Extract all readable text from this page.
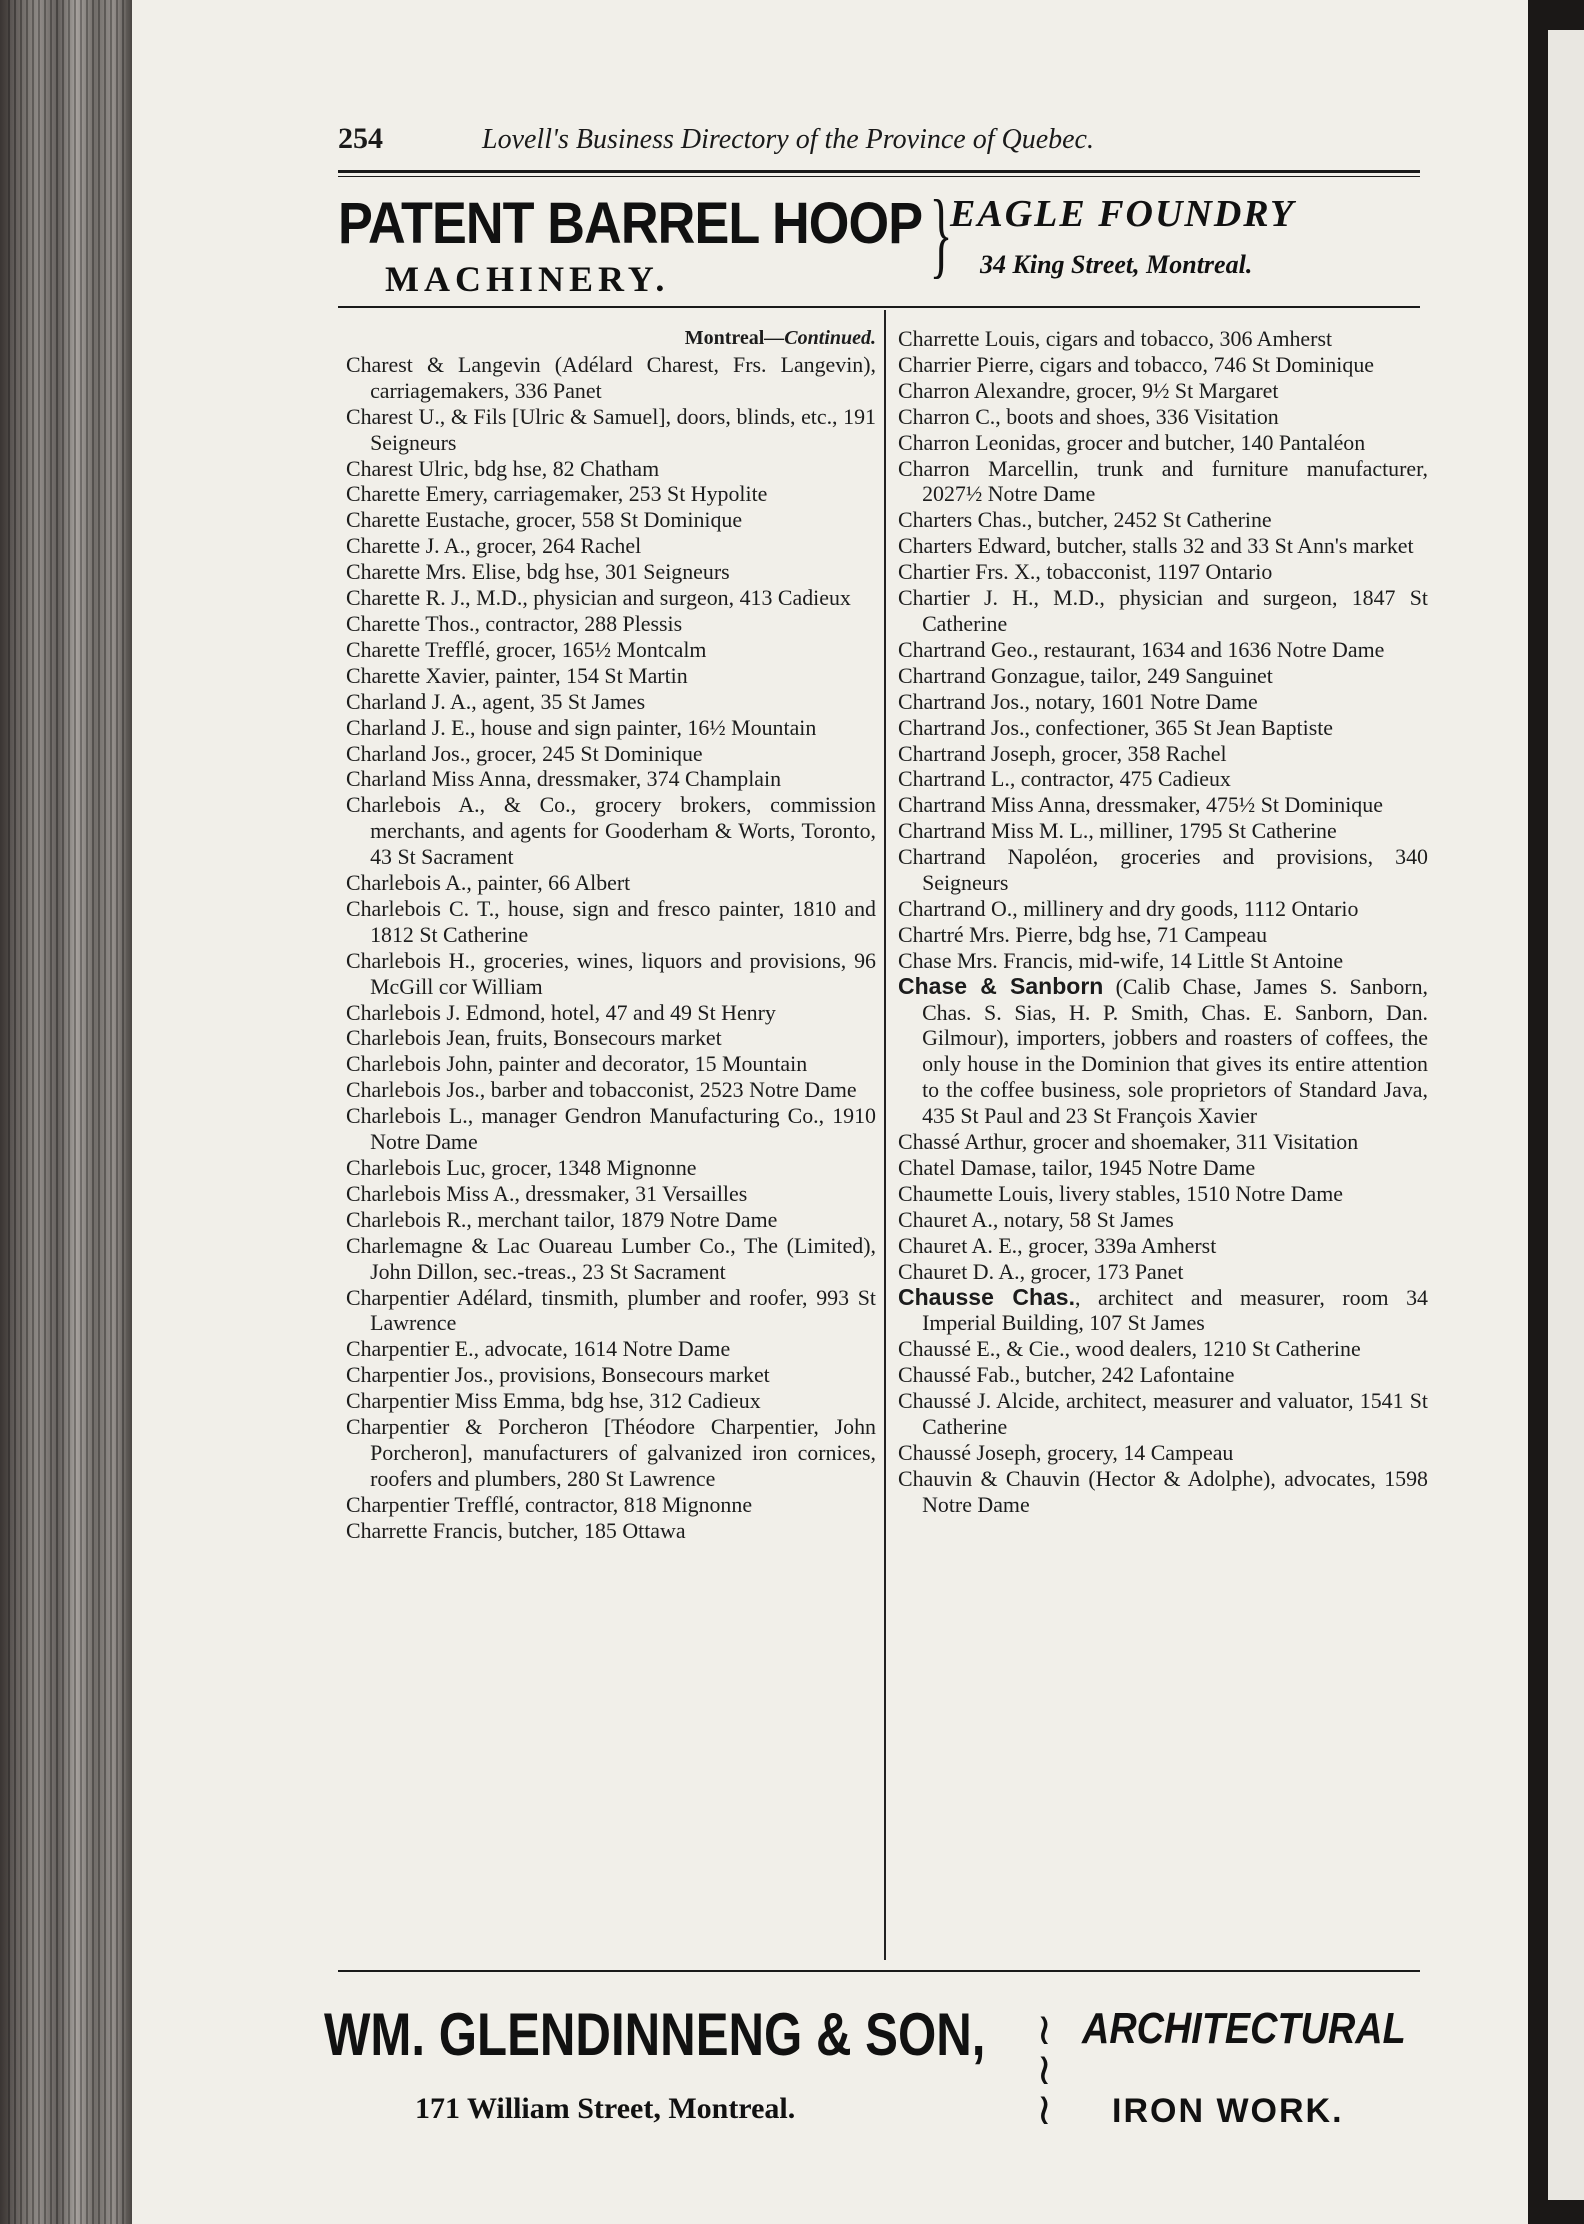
254	Lovell's Business Directory of the Province of Quebec.
PATENT BARREL HOOP
MACHINERY.	}
EAGLE FOUNDRY
34 King Street, Montreal.
Montreal—Continued.
Charest & Langevin (Adélard Charest, Frs. Langevin), carriagemakers, 336 Panet
Charest U., & Fils [Ulric & Samuel], doors, blinds, etc., 191 Seigneurs
Charest Ulric, bdg hse, 82 Chatham
Charette Emery, carriagemaker, 253 St Hypolite
Charette Eustache, grocer, 558 St Dominique
Charette J. A., grocer, 264 Rachel
Charette Mrs. Elise, bdg hse, 301 Seigneurs
Charette R. J., M.D., physician and surgeon, 413 Cadieux
Charette Thos., contractor, 288 Plessis
Charette Trefflé, grocer, 165½ Montcalm
Charette Xavier, painter, 154 St Martin
Charland J. A., agent, 35 St James
Charland J. E., house and sign painter, 16½ Mountain
Charland Jos., grocer, 245 St Dominique
Charland Miss Anna, dressmaker, 374 Champlain
Charlebois A., & Co., grocery brokers, commission merchants, and agents for Gooderham & Worts, Toronto, 43 St Sacrament
Charlebois A., painter, 66 Albert
Charlebois C. T., house, sign and fresco painter, 1810 and 1812 St Catherine
Charlebois H., groceries, wines, liquors and provisions, 96 McGill cor William
Charlebois J. Edmond, hotel, 47 and 49 St Henry
Charlebois Jean, fruits, Bonsecours market
Charlebois John, painter and decorator, 15 Mountain
Charlebois Jos., barber and tobacconist, 2523 Notre Dame
Charlebois L., manager Gendron Manufacturing Co., 1910 Notre Dame
Charlebois Luc, grocer, 1348 Mignonne
Charlebois Miss A., dressmaker, 31 Versailles
Charlebois R., merchant tailor, 1879 Notre Dame
Charlemagne & Lac Ouareau Lumber Co., The (Limited), John Dillon, sec.-treas., 23 St Sacrament
Charpentier Adélard, tinsmith, plumber and roofer, 993 St Lawrence
Charpentier E., advocate, 1614 Notre Dame
Charpentier Jos., provisions, Bonsecours market
Charpentier Miss Emma, bdg hse, 312 Cadieux
Charpentier & Porcheron [Théodore Charpentier, John Porcheron], manufacturers of galvanized iron cornices, roofers and plumbers, 280 St Lawrence
Charpentier Trefflé, contractor, 818 Mignonne
Charrette Francis, butcher, 185 Ottawa
Charrette Louis, cigars and tobacco, 306 Amherst
Charrier Pierre, cigars and tobacco, 746 St Dominique
Charron Alexandre, grocer, 9½ St Margaret
Charron C., boots and shoes, 336 Visitation
Charron Leonidas, grocer and butcher, 140 Pantaléon
Charron Marcellin, trunk and furniture manufacturer, 2027½ Notre Dame
Charters Chas., butcher, 2452 St Catherine
Charters Edward, butcher, stalls 32 and 33 St Ann's market
Chartier Frs. X., tobacconist, 1197 Ontario
Chartier J. H., M.D., physician and surgeon, 1847 St Catherine
Chartrand Geo., restaurant, 1634 and 1636 Notre Dame
Chartrand Gonzague, tailor, 249 Sanguinet
Chartrand Jos., notary, 1601 Notre Dame
Chartrand Jos., confectioner, 365 St Jean Baptiste
Chartrand Joseph, grocer, 358 Rachel
Chartrand L., contractor, 475 Cadieux
Chartrand Miss Anna, dressmaker, 475½ St Dominique
Chartrand Miss M. L., milliner, 1795 St Catherine
Chartrand Napoléon, groceries and provisions, 340 Seigneurs
Chartrand O., millinery and dry goods, 1112 Ontario
Chartré Mrs. Pierre, bdg hse, 71 Campeau
Chase Mrs. Francis, mid-wife, 14 Little St Antoine
Chase & Sanborn (Calib Chase, James S. Sanborn, Chas. S. Sias, H. P. Smith, Chas. E. Sanborn, Dan. Gilmour), importers, jobbers and roasters of coffees, the only house in the Dominion that gives its entire attention to the coffee business, sole proprietors of Standard Java, 435 St Paul and 23 St François Xavier
Chassé Arthur, grocer and shoemaker, 311 Visitation
Chatel Damase, tailor, 1945 Notre Dame
Chaumette Louis, livery stables, 1510 Notre Dame
Chauret A., notary, 58 St James
Chauret A. E., grocer, 339a Amherst
Chauret D. A., grocer, 173 Panet
Chausse Chas., architect and measurer, room 34 Imperial Building, 107 St James
Chaussé E., & Cie., wood dealers, 1210 St Catherine
Chaussé Fab., butcher, 242 Lafontaine
Chaussé J. Alcide, architect, measurer and valuator, 1541 St Catherine
Chaussé Joseph, grocery, 14 Campeau
Chauvin & Chauvin (Hector & Adolphe), advocates, 1598 Notre Dame
WM. GLENDINNENG & SON,
171 William Street, Montreal.
≀
≀
≀
ARCHITECTURAL
IRON WORK.
